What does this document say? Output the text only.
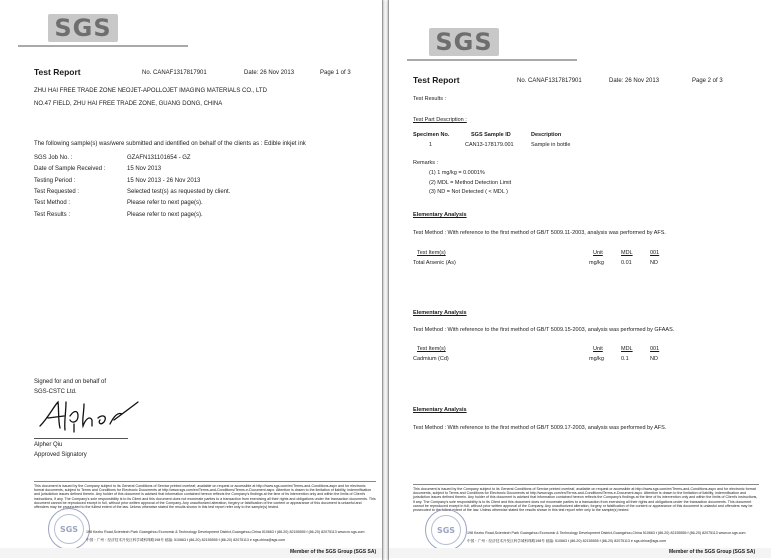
SGS
Test Report	No. CANAF1317817901	Date: 26 Nov 2013	Page 1 of 3
ZHU HAI FREE TRADE ZONE NEOJET-APOLLOJET IMAGING MATERIALS CO., LTD
NO.47 FIELD, ZHU HAI FREE TRADE ZONE, GUANG DONG, CHINA
The following sample(s) was/were submitted and identified on behalf of the clients as : Edible inkjet ink
SGS Job No. :	GZAFN131101654 - GZ
Date of Sample Received :	15 Nov 2013
Testing Period :	15 Nov 2013 - 26 Nov 2013
Test Requested :	Selected test(s) as requested by client.
Test Method :	Please refer to next page(s).
Test Results :	Please refer to next page(s).
Signed for and on behalf of
SGS-CSTC Ltd.
Alpher Qiu
Approved Signatory
This document is issued by the Company subject to its General Conditions of Service printed overleaf, available on request or accessible at http://www.sgs.com/en/Terms-and-Conditions.aspx and for electronic format documents, subject to Terms and Conditions for Electronic Documents at http://www.sgs.com/en/Terms-and-Conditions/Terms-e-Document.aspx. Attention is drawn to the limitation of liability, indemnification and jurisdiction issues defined therein. Any holder of this document is advised that information contained hereon reflects the Company's findings at the time of its intervention only and within the limits of Client's instructions, if any. The Company's sole responsibility is to its Client and this document does not exonerate parties to a transaction from exercising all their rights and obligations under the transaction documents. This document cannot be reproduced except in full, without prior written approval of the Company. Any unauthorized alteration, forgery or falsification of the content or appearance of this document is unlawful and offenders may be prosecuted to the fullest extent of the law. Unless otherwise stated the results shown in this test report refer only to the sample(s) tested.
SGS	198 Kezhu Road,Scientech Park Guangzhou Economic & Technology Development District,Guangzhou,China 510663 t (86-20) 82155555 f (86-20) 82075113 www.cn.sgs.com
中国・广州・经济技术开发区科学城科珠路198号 邮编: 510663 t (86-20) 82155555 f (86-20) 82075113 e sgs.china@sgs.com
Member of the SGS Group (SGS SA)
SGS
Test Report	No. CANAF1317817901	Date: 26 Nov 2013	Page 2 of 3
Test Results :
Test Part Description :
Specimen No.	SGS Sample ID	Description
1	CAN13-178179.001	Sample in bottle
Remarks :
(1) 1 mg/kg = 0.0001%
(2) MDL = Method Detection Limit
(3) ND = Not Detected ( < MDL )
Elementary Analysis
Test Method : With reference to the first method of GB/T 5009.11-2003, analysis was performed by AFS.
Test Item(s)	Unit	MDL	001
Total Arsenic (As)	mg/kg	0.01	ND
Elementary Analysis
Test Method : With reference to the first method of GB/T 5009.15-2003, analysis was performed by GFAAS.
Test Item(s)	Unit	MDL	001
Cadmium (Cd)	mg/kg	0.1	ND
Elementary Analysis
Test Method : With reference to the first method of GB/T 5009.17-2003, analysis was performed by AFS.
This document is issued by the Company subject to its General Conditions of Service printed overleaf, available on request or accessible at http://www.sgs.com/en/Terms-and-Conditions.aspx and for electronic format documents, subject to Terms and Conditions for Electronic Documents at http://www.sgs.com/en/Terms-and-Conditions/Terms-e-Document.aspx. Attention is drawn to the limitation of liability, indemnification and jurisdiction issues defined therein. Any holder of this document is advised that information contained hereon reflects the Company's findings at the time of its intervention only and within the limits of Client's instructions, if any. The Company's sole responsibility is to its Client and this document does not exonerate parties to a transaction from exercising all their rights and obligations under the transaction documents. This document cannot be reproduced except in full, without prior written approval of the Company. Any unauthorized alteration, forgery or falsification of the content or appearance of this document is unlawful and offenders may be prosecuted to the fullest extent of the law. Unless otherwise stated the results shown in this test report refer only to the sample(s) tested.
SGS	198 Kezhu Road,Scientech Park Guangzhou Economic & Technology Development District,Guangzhou,China 510663 t (86-20) 82155555 f (86-20) 82075113 www.cn.sgs.com
中国・广州・经济技术开发区科学城科珠路198号 邮编: 510663 t (86-20) 82155555 f (86-20) 82075113 e sgs.china@sgs.com
Member of the SGS Group (SGS SA)
